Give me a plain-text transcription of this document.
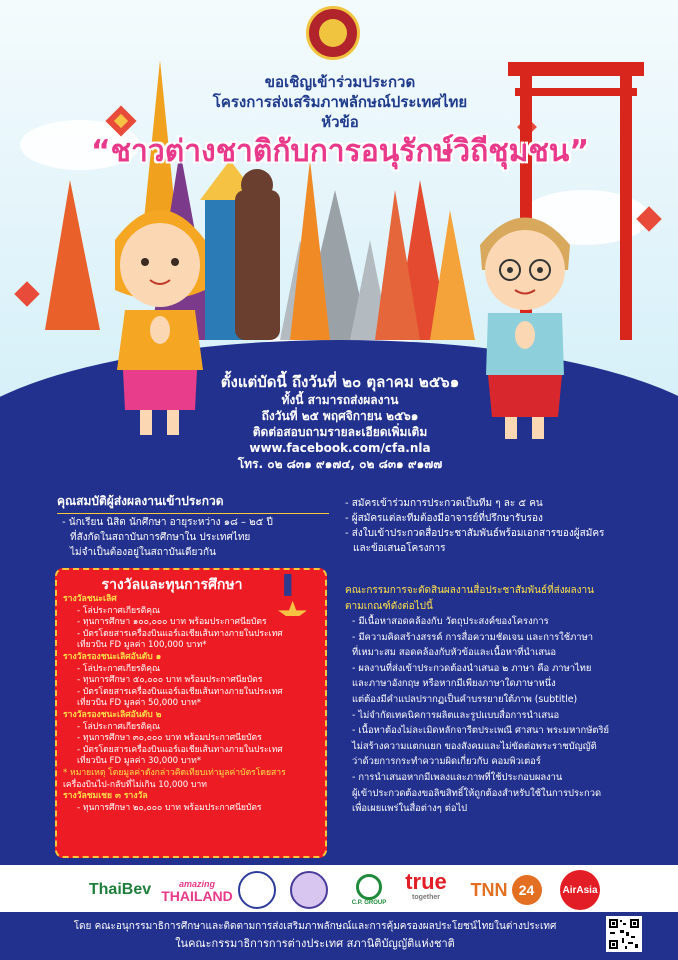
ขอเชิญเข้าร่วมประกวด
โครงการส่งเสริมภาพลักษณ์ประเทศไทย
หัวข้อ
“ชาวต่างชาติกับการอนุรักษ์วิถีชุมชน”
ตั้งแต่บัดนี้ ถึงวันที่ ๒๐ ตุลาคม ๒๕๖๑
ทั้งนี้ สามารถส่งผลงาน
ถึงวันที่ ๒๕ พฤศจิกายน ๒๕๖๑
ติดต่อสอบถามรายละเอียดเพิ่มเติม
www.facebook.com/cfa.nla
โทร. ๐๒ ๘๓๑ ๙๑๗๔, ๐๒ ๘๓๑ ๙๑๗๗
คุณสมบัติผู้ส่งผลงานเข้าประกวด
- นักเรียน นิสิต นักศึกษา อายุระหว่าง ๑๘ – ๒๕ ปี
ที่สังกัดในสถาบันการศึกษาใน ประเทศไทย
ไม่จำเป็นต้องอยู่ในสถาบันเดียวกัน
รางวัลและทุนการศึกษา
รางวัลชนะเลิศ
- โล่ประกาศเกียรติคุณ
- ทุนการศึกษา ๑๐๐,๐๐๐ บาท พร้อมประกาศนียบัตร
- บัตรโดยสารเครื่องบินแอร์เอเชียเส้นทางภายในประเทศ
เที่ยวบิน FD มูลค่า 100,000 บาท*
รางวัลรองชนะเลิศอันดับ ๑
- โล่ประกาศเกียรติคุณ
- ทุนการศึกษา ๕๐,๐๐๐ บาท พร้อมประกาศนียบัตร
- บัตรโดยสารเครื่องบินแอร์เอเชียเส้นทางภายในประเทศ
เที่ยวบิน FD มูลค่า 50,000 บาท*
รางวัลรองชนะเลิศอันดับ ๒
- โล่ประกาศเกียรติคุณ
- ทุนการศึกษา ๓๐,๐๐๐ บาท พร้อมประกาศนียบัตร
- บัตรโดยสารเครื่องบินแอร์เอเชียเส้นทางภายในประเทศ
เที่ยวบิน FD มูลค่า 30,000 บาท*
* หมายเหตุ โดยมูลค่าดังกล่าวคิดเทียบเท่ามูลค่าบัตรโดยสาร
เครื่องบินไป-กลับที่ไม่เกิน 10,000 บาท
รางวัลชมเชย ๓ รางวัล
- ทุนการศึกษา ๒๐,๐๐๐ บาท พร้อมประกาศนียบัตร
- สมัครเข้าร่วมการประกวดเป็นทีม ๆ ละ ๕ คน
- ผู้สมัครแต่ละทีมต้องมีอาจารย์ที่ปรึกษารับรอง
- ส่งใบเข้าประกวดสื่อประชาสัมพันธ์พร้อมเอกสารของผู้สมัคร
และข้อเสนอโครงการ
คณะกรรมการจะตัดสินผลงานสื่อประชาสัมพันธ์ที่ส่งผลงาน
ตามเกณฑ์ดังต่อไปนี้
- มีเนื้อหาสอดคล้องกับ วัตถุประสงค์ของโครงการ
- มีความคิดสร้างสรรค์ การสื่อความชัดเจน และการใช้ภาษา
ที่เหมาะสม สอดคล้องกับหัวข้อและเนื้อหาที่นำเสนอ
- ผลงานที่ส่งเข้าประกวดต้องนำเสนอ ๒ ภาษา คือ ภาษาไทย
และภาษาอังกฤษ หรือหากมีเพียงภาษาใดภาษาหนึ่ง
แต่ต้องมีคำแปลปรากฏเป็นคำบรรยายใต้ภาพ (subtitle)
- ไม่จำกัดเทคนิคการผลิตและรูปแบบสื่อการนำเสนอ
- เนื้อหาต้องไม่ละเมิดหลักจารีตประเพณี ศาสนา พระมหากษัตริย์
ไม่สร้างความแตกแยก ของสังคมและไม่ขัดต่อพระราชบัญญัติ
ว่าด้วยการกระทำความผิดเกี่ยวกับ คอมพิวเตอร์
- การนำเสนอหากมีเพลงและภาพที่ใช้ประกอบผลงาน
ผู้เข้าประกวดต้องขอลิขสิทธิ์ให้ถูกต้องสำหรับใช้ในการประกวด
เพื่อเผยแพร่ในสื่อต่างๆ ต่อไป
ThaiBev	amazing
THAILAND	C.P. GROUP
true
together TNN 24	AirAsia
โดย คณะอนุกรรมาธิการศึกษาและติดตามการส่งเสริมภาพลักษณ์และการคุ้มครองผลประโยชน์ไทยในต่างประเทศ
ในคณะกรรมาธิการการต่างประเทศ สภานิติบัญญัติแห่งชาติ
